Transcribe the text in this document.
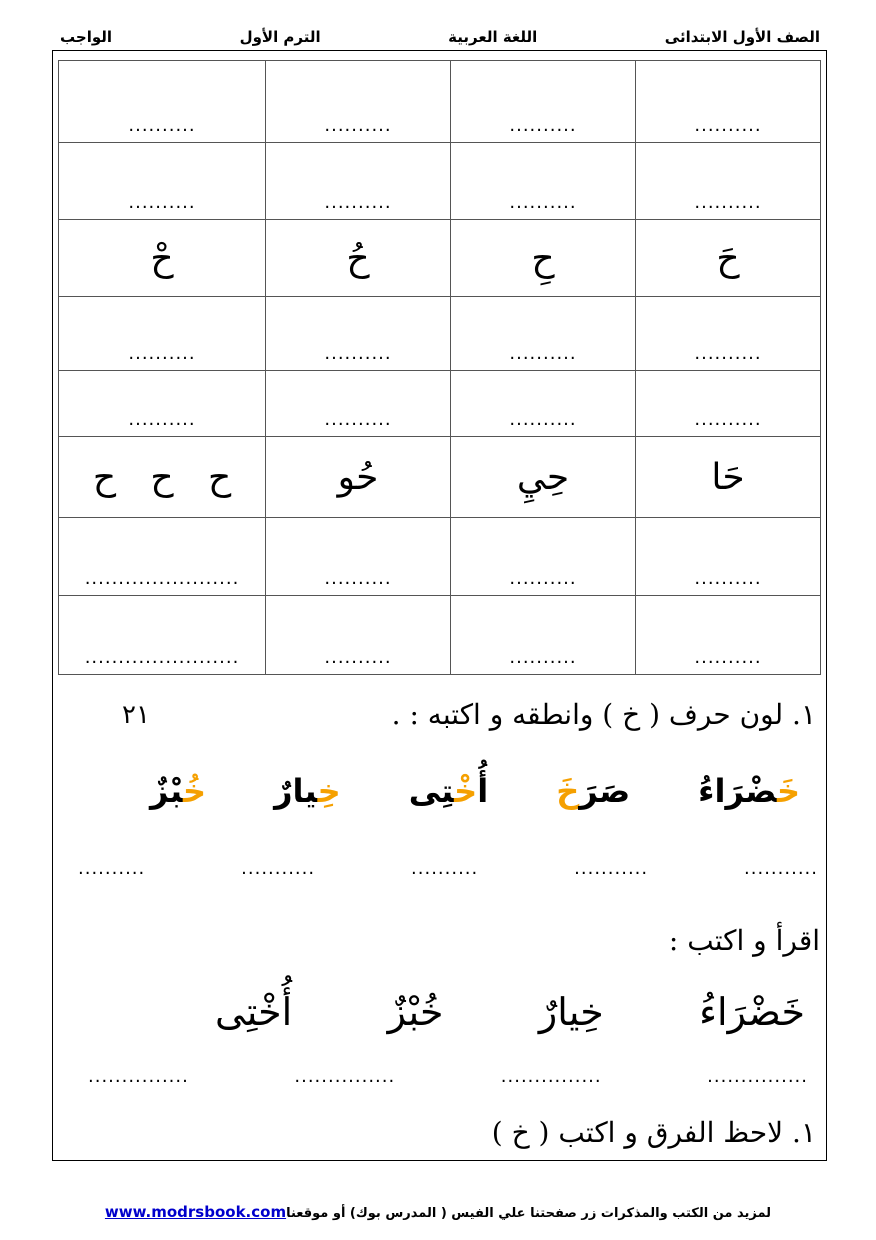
الصف الأول الابتدائى
اللغة العربية
الترم الأول
الواجب
..........	..........	..........	..........
..........	..........	..........	..........
حَ	حِ	حُ	حْ
..........	..........	..........	..........
..........	..........	..........	..........
حَا	حِيِ	حُو	ح   ح   ح
..........	..........	..........	.......................
..........	..........	..........	.......................
١. لون حرف ( خ ) وانطقه و اكتبه : .
٢١
خَضْرَاءُ
صَرَخَ
أُخْتِى
خِيارٌ
خُبْزٌ
...........
...........
..........
...........
..........
اقرأ و اكتب :
خَضْرَاءُ
خِيارٌ
خُبْزٌ
أُخْتِى
...............
...............
...............
...............
١. لاحظ الفرق و اكتب ( خ )
لمزيد من الكتب والمذكرات زر صفحتنا علي الفيس ( المدرس بوك) أو موقعناwww.modrsbook.com
